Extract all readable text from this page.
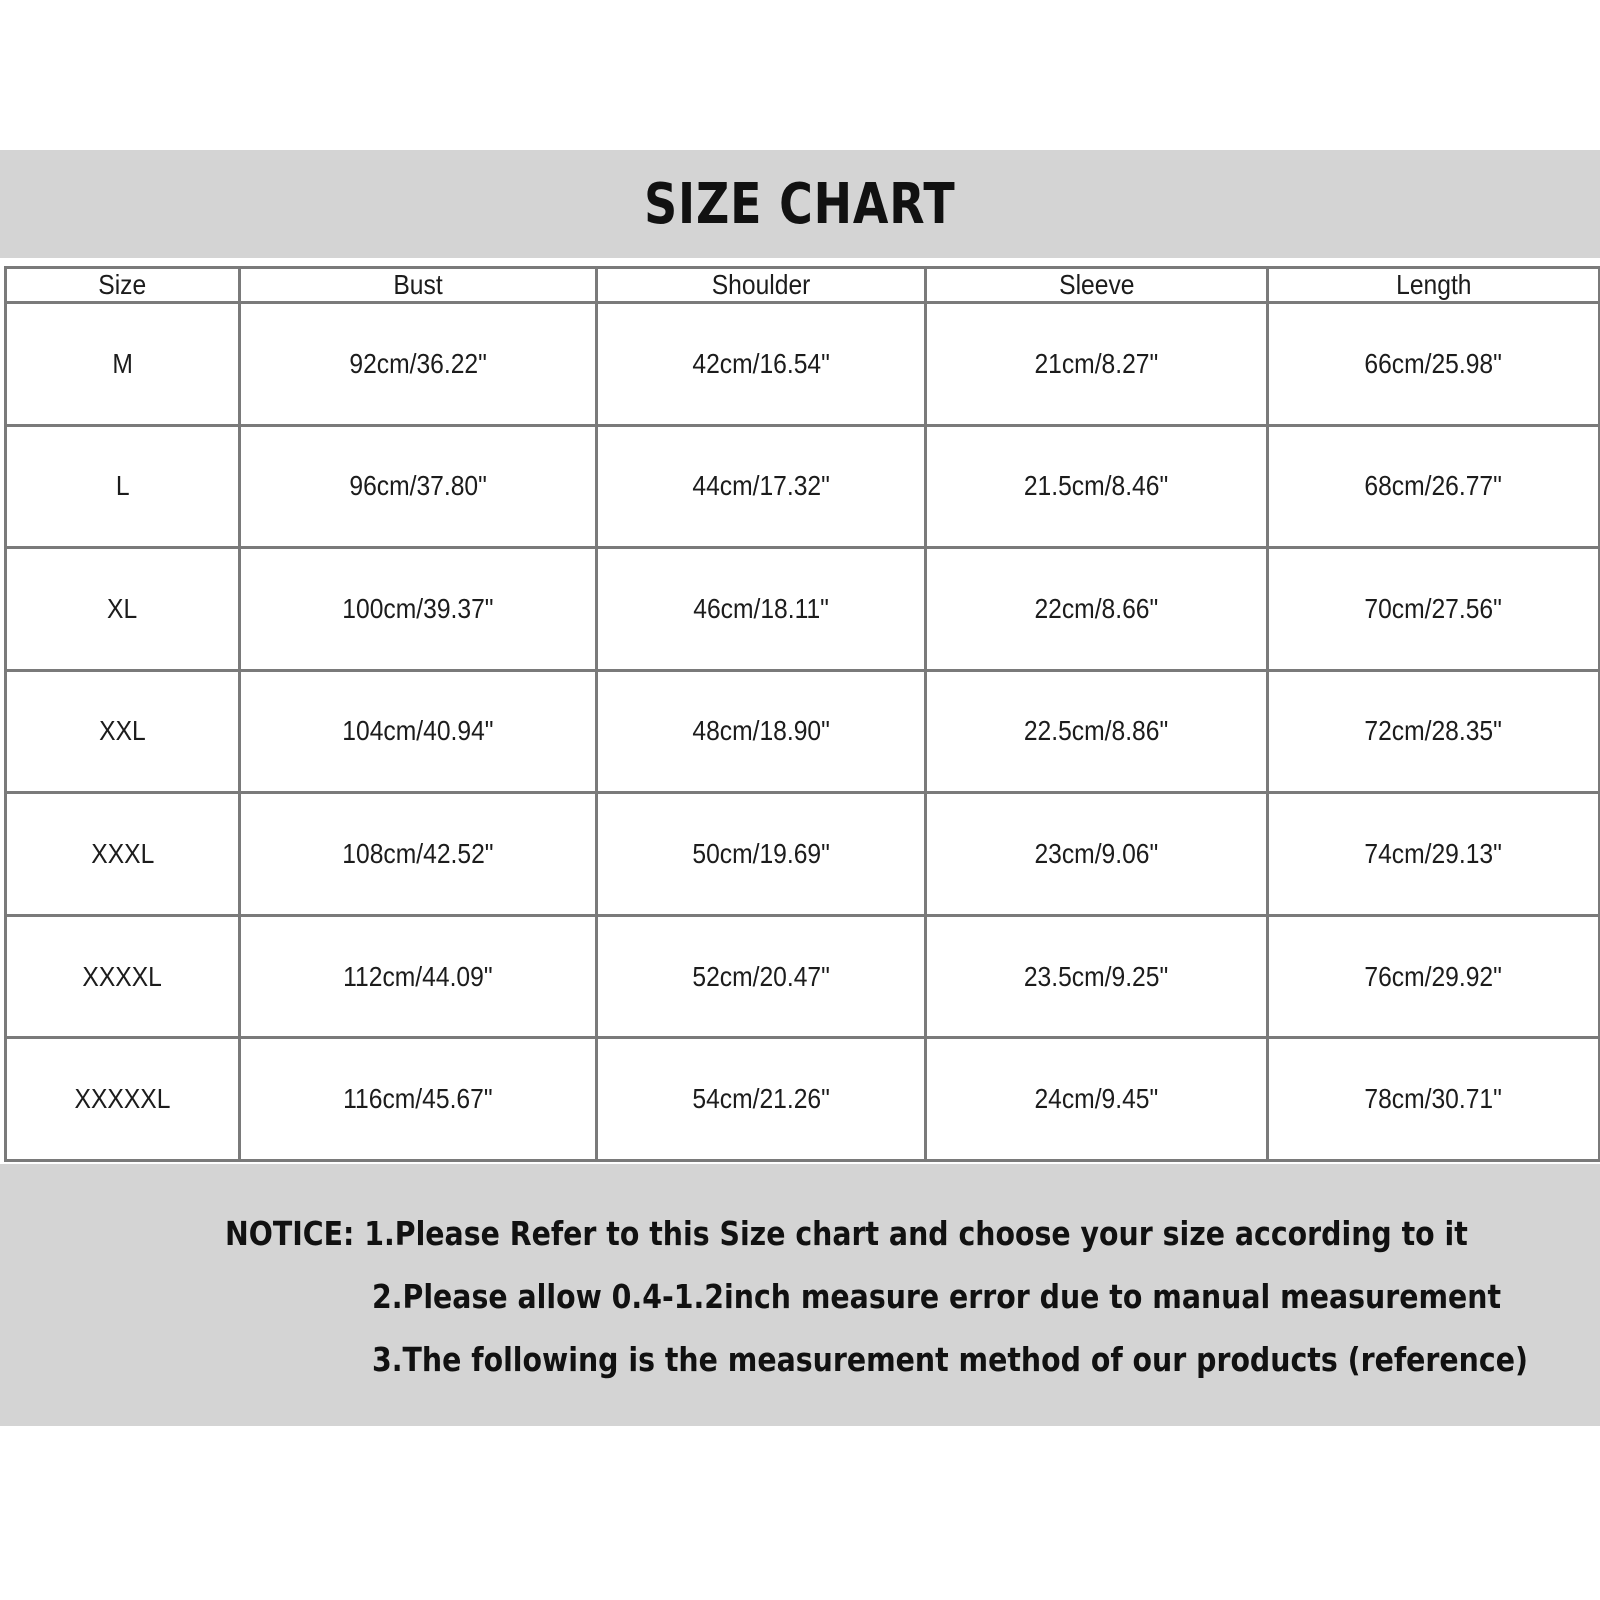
SIZE CHART
Size	Bust	Shoulder	Sleeve	Length
M	92cm/36.22"	42cm/16.54"	21cm/8.27"	66cm/25.98"
L	96cm/37.80"	44cm/17.32"	21.5cm/8.46"	68cm/26.77"
XL	100cm/39.37"	46cm/18.11"	22cm/8.66"	70cm/27.56"
XXL	104cm/40.94"	48cm/18.90"	22.5cm/8.86"	72cm/28.35"
XXXL	108cm/42.52"	50cm/19.69"	23cm/9.06"	74cm/29.13"
XXXXL	112cm/44.09"	52cm/20.47"	23.5cm/9.25"	76cm/29.92"
XXXXXL	116cm/45.67"	54cm/21.26"	24cm/9.45"	78cm/30.71"
NOTICE: 1.Please Refer to this Size chart and choose your size according to it
2.Please allow 0.4-1.2inch measure error due to manual measurement
3.The following is the measurement method of our products (reference)
